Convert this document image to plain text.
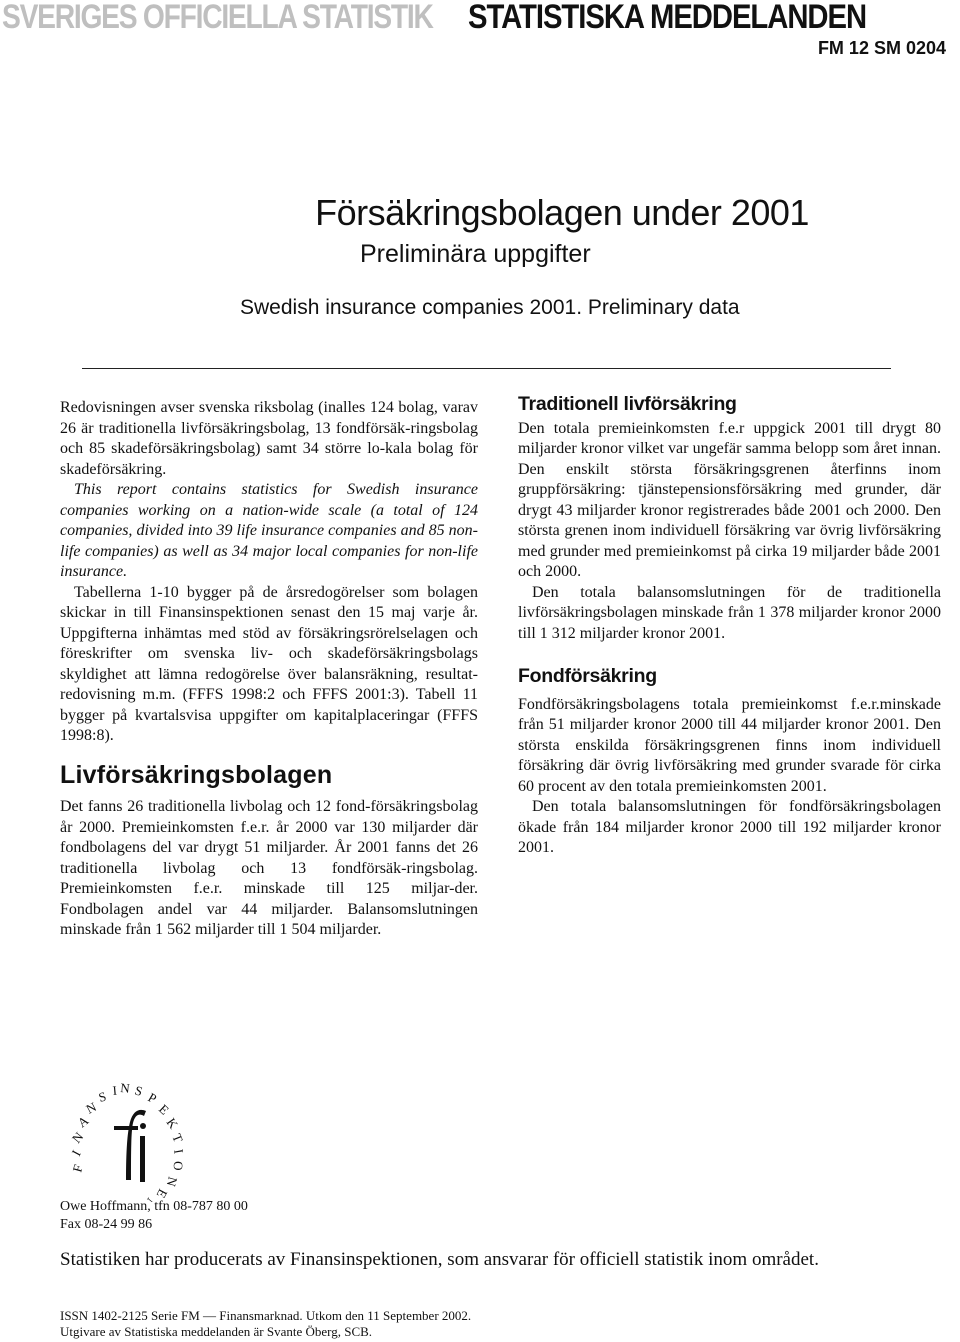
SVERIGES OFFICIELLA STATISTIK STATISTISKA MEDDELANDEN
FM 12 SM 0204
Försäkringsbolagen under 2001
Preliminära uppgifter
Swedish insurance companies 2001. Preliminary data

Redovisningen avser svenska riksbolag (inalles 124 bolag, varav 26 är traditionella livförsäkringsbolag, 13 fondförsäk-ringsbolag och 85 skadeförsäkringsbolag) samt 34 större lo-kala bolag för skadeförsäkring.

This report contains statistics for Swedish insurance companies working on a nation-wide scale (a total of 124 companies, divided into 39 life insurance companies and 85 non-life companies) as well as 34 major local companies for non-life insurance.

Tabellerna 1-10 bygger på de årsredogörelser som bolagen skickar in till Finansinspektionen senast den 15 maj varje år. Uppgifterna inhämtas med stöd av försäkringsrörelselagen och föreskrifter om svenska liv- och skadeförsäkringsbolags skyldighet att lämna redogörelse över balansräkning, resultat-redovisning m.m. (FFFS 1998:2 och FFFS 2001:3). Tabell 11 bygger på kvartalsvisa uppgifter om kapitalplaceringar (FFFS 1998:8).

Livförsäkringsbolagen

Det fanns 26 traditionella livbolag och 12 fond-försäkringsbolag år 2000. Premieinkomsten f.e.r. år 2000 var 130 miljarder där fondbolagens del var drygt 51 miljarder. År 2001 fanns det 26 traditionella livbolag och 13 fondförsäk-ringsbolag. Premieinkomsten f.e.r. minskade till 125 miljar-der. Fondbolagen andel var 44 miljarder. Balansomslutningen minskade från 1 562 miljarder till 1 504 miljarder.

Traditionell livförsäkring

Den totala premieinkomsten f.e.r uppgick 2001 till drygt 80 miljarder kronor vilket var ungefär samma belopp som året innan. Den enskilt största försäkringsgrenen återfinns inom gruppförsäkring: tjänstepensionsförsäkring med grunder, där drygt 43 miljarder kronor registrerades både 2001 och 2000. Den största grenen inom individuell försäkring var övrig livförsäkring med grunder med premieinkomst på cirka 19 miljarder både 2001 och 2000.

Den totala balansomslutningen för de traditionella livförsäkringsbolagen minskade från 1 378 miljarder kronor 2000 till 1 312 miljarder kronor 2001.

Fondförsäkring

Fondförsäkringsbolagens totala premieinkomst f.e.r.minskade från 51 miljarder kronor 2000 till 44 miljarder kronor 2001. Den största enskilda försäkringsgrenen finns inom individuell försäkring där övrig livförsäkring med grunder svarade för cirka 60 procent av den totala premieinkomsten 2001.

Den totala balansomslutningen för fondförsäkringsbolagen ökade från 184 miljarder kronor 2000 till 192 miljarder kronor 2001.

F
I
N
A
N
S I N S P
E
K
T
I
O
N
E
Owe Hoffmann, tfn 08-787 80 00
Fax 08-24 99 86
Statistiken har producerats av Finansinspektionen, som ansvarar för officiell statistik inom området.
ISSN 1402-2125 Serie FM — Finansmarknad. Utkom den 11 September 2002.
Utgivare av Statistiska meddelanden är Svante Öberg, SCB.
